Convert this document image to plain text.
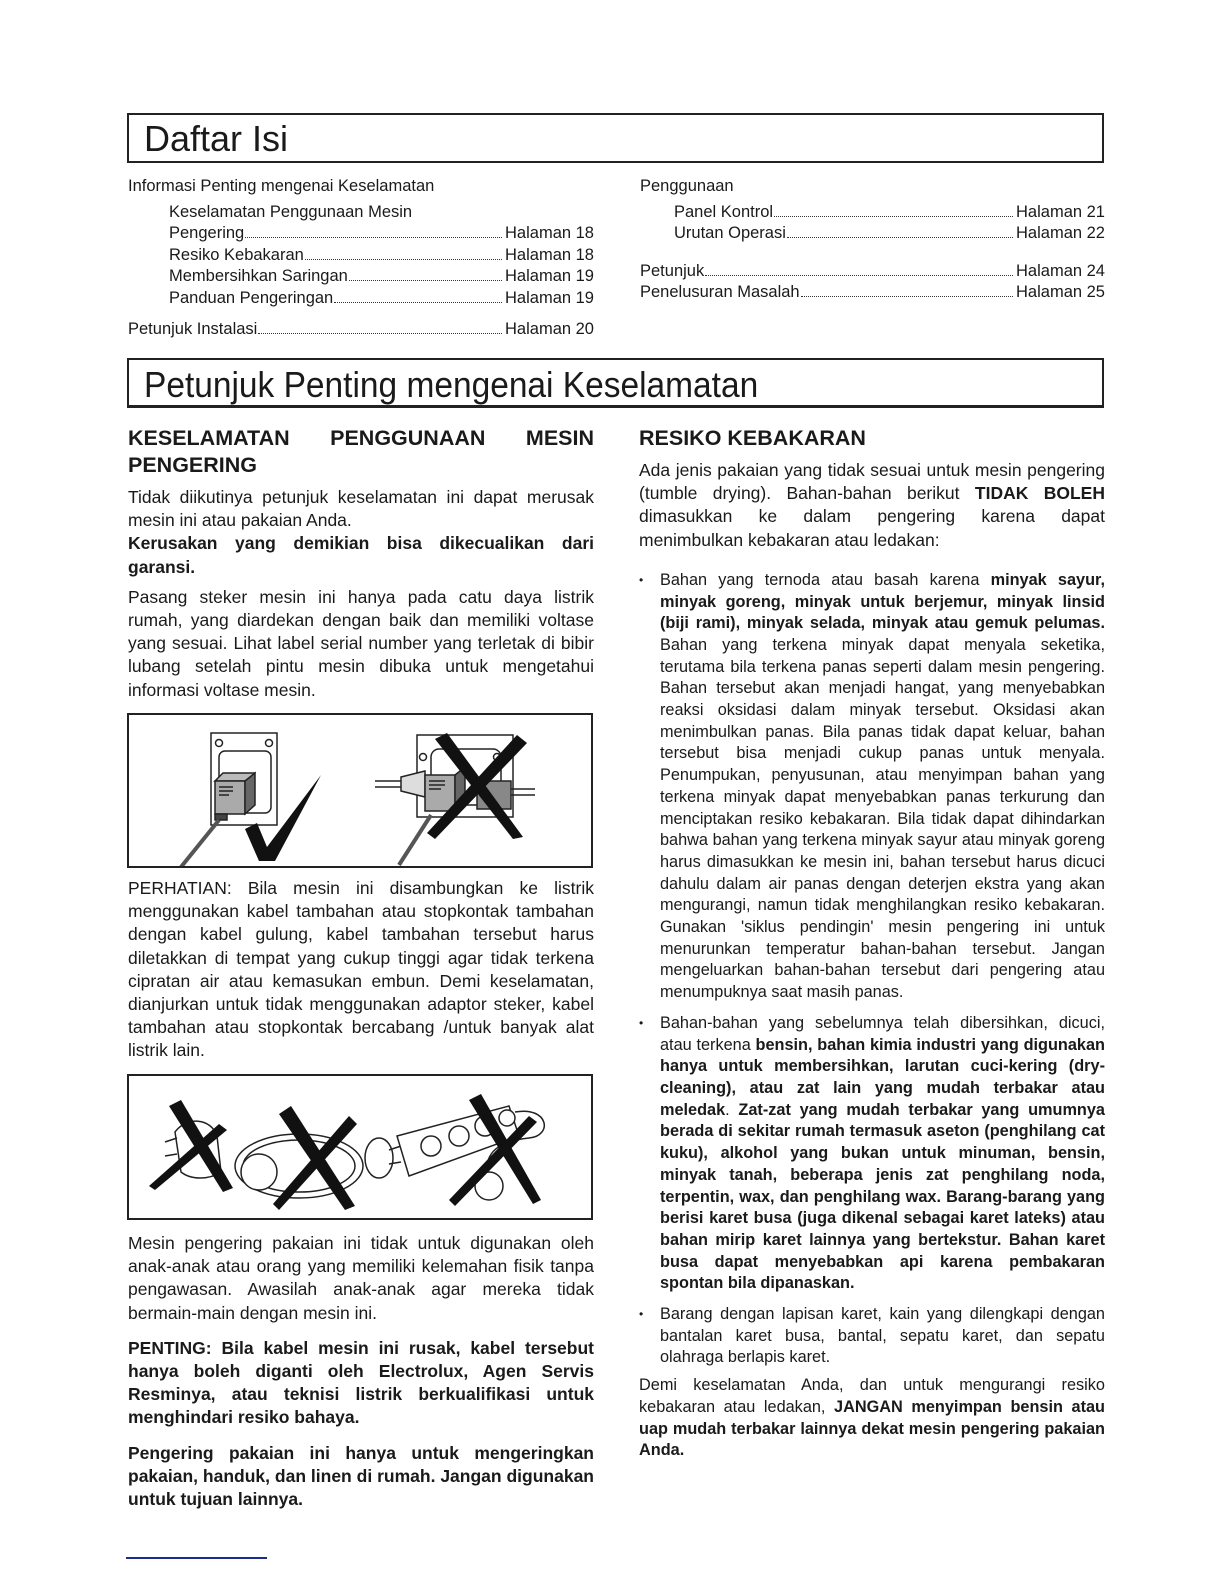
Daftar Isi
Informasi Penting mengenai Keselamatan
Keselamatan Penggunaan Mesin
Pengering	Halaman 18
Resiko Kebakaran	Halaman 18
Membersihkan Saringan	Halaman 19
Panduan Pengeringan	Halaman 19
Petunjuk Instalasi	Halaman 20
Penggunaan
Panel Kontrol	Halaman 21
Urutan Operasi	Halaman 22
Petunjuk	Halaman 24
Penelusuran Masalah	Halaman 25
Petunjuk Penting mengenai Keselamatan
KESELAMATAN PENGGUNAAN MESIN PENGERING

Tidak diikutinya petunjuk keselamatan ini dapat merusak mesin ini atau pakaian Anda.

Kerusakan yang demikian bisa dikecualikan dari garansi.

Pasang steker mesin ini hanya pada catu daya listrik rumah, yang diardekan dengan baik dan memiliki voltase yang sesuai. Lihat label serial number yang terletak di bibir lubang setelah pintu mesin dibuka untuk mengetahui informasi voltase mesin.

PERHATIAN: Bila mesin ini disambungkan ke listrik menggunakan kabel tambahan atau stopkontak tambahan dengan kabel gulung, kabel tambahan tersebut harus diletakkan di tempat yang cukup tinggi agar tidak terkena cipratan air atau kemasukan embun. Demi keselamatan, dianjurkan untuk tidak menggunakan adaptor steker, kabel tambahan atau stopkontak bercabang /untuk banyak alat listrik lain.

Mesin pengering pakaian ini tidak untuk digunakan oleh anak-anak atau orang yang memiliki kelemahan fisik tanpa pengawasan. Awasilah anak-anak agar mereka tidak bermain-main dengan mesin ini.

PENTING: Bila kabel mesin ini rusak, kabel tersebut hanya boleh diganti oleh Electrolux, Agen Servis Resminya, atau teknisi listrik berkualifikasi untuk menghindari resiko bahaya.

Pengering pakaian ini hanya untuk mengeringkan pakaian, handuk, dan linen di rumah. Jangan digunakan untuk tujuan lainnya.

RESIKO KEBAKARAN

Ada jenis pakaian yang tidak sesuai untuk mesin pengering (tumble drying). Bahan-bahan berikut TIDAK BOLEH dimasukkan ke dalam pengering karena dapat menimbulkan kebakaran atau ledakan:

• Bahan yang ternoda atau basah karena minyak sayur, minyak goreng, minyak untuk berjemur, minyak linsid (biji rami), minyak selada, minyak atau gemuk pelumas. Bahan yang terkena minyak dapat menyala seketika, terutama bila terkena panas seperti dalam mesin pengering. Bahan tersebut akan menjadi hangat, yang menyebabkan reaksi oksidasi dalam minyak tersebut. Oksidasi akan menimbulkan panas. Bila panas tidak dapat keluar, bahan tersebut bisa menjadi cukup panas untuk menyala. Penumpukan, penyusunan, atau menyimpan bahan yang terkena minyak dapat menyebabkan panas terkurung dan menciptakan resiko kebakaran. Bila tidak dapat dihindarkan bahwa bahan yang terkena minyak sayur atau minyak goreng harus dimasukkan ke mesin ini, bahan tersebut harus dicuci dahulu dalam air panas dengan deterjen ekstra yang akan mengurangi, namun tidak menghilangkan resiko kebakaran. Gunakan 'siklus pendingin' mesin pengering ini untuk menurunkan temperatur bahan-bahan tersebut. Jangan mengeluarkan bahan-bahan tersebut dari pengering atau menumpuknya saat masih panas.

• Bahan-bahan yang sebelumnya telah dibersihkan, dicuci, atau terkena bensin, bahan kimia industri yang digunakan hanya untuk membersihkan, larutan cuci-kering (dry-cleaning), atau zat lain yang mudah terbakar atau meledak. Zat-zat yang mudah terbakar yang umumnya berada di sekitar rumah termasuk aseton (penghilang cat kuku), alkohol yang bukan untuk minuman, bensin, minyak tanah, beberapa jenis zat penghilang noda, terpentin, wax, dan penghilang wax. Barang-barang yang berisi karet busa (juga dikenal sebagai karet lateks) atau bahan mirip karet lainnya yang bertekstur. Bahan karet busa dapat menyebabkan api karena pembakaran spontan bila dipanaskan.

• Barang dengan lapisan karet, kain yang dilengkapi dengan bantalan karet busa, bantal, sepatu karet, dan sepatu olahraga berlapis karet.

Demi keselamatan Anda, dan untuk mengurangi resiko kebakaran atau ledakan, JANGAN menyimpan bensin atau uap mudah terbakar lainnya dekat mesin pengering pakaian Anda.
